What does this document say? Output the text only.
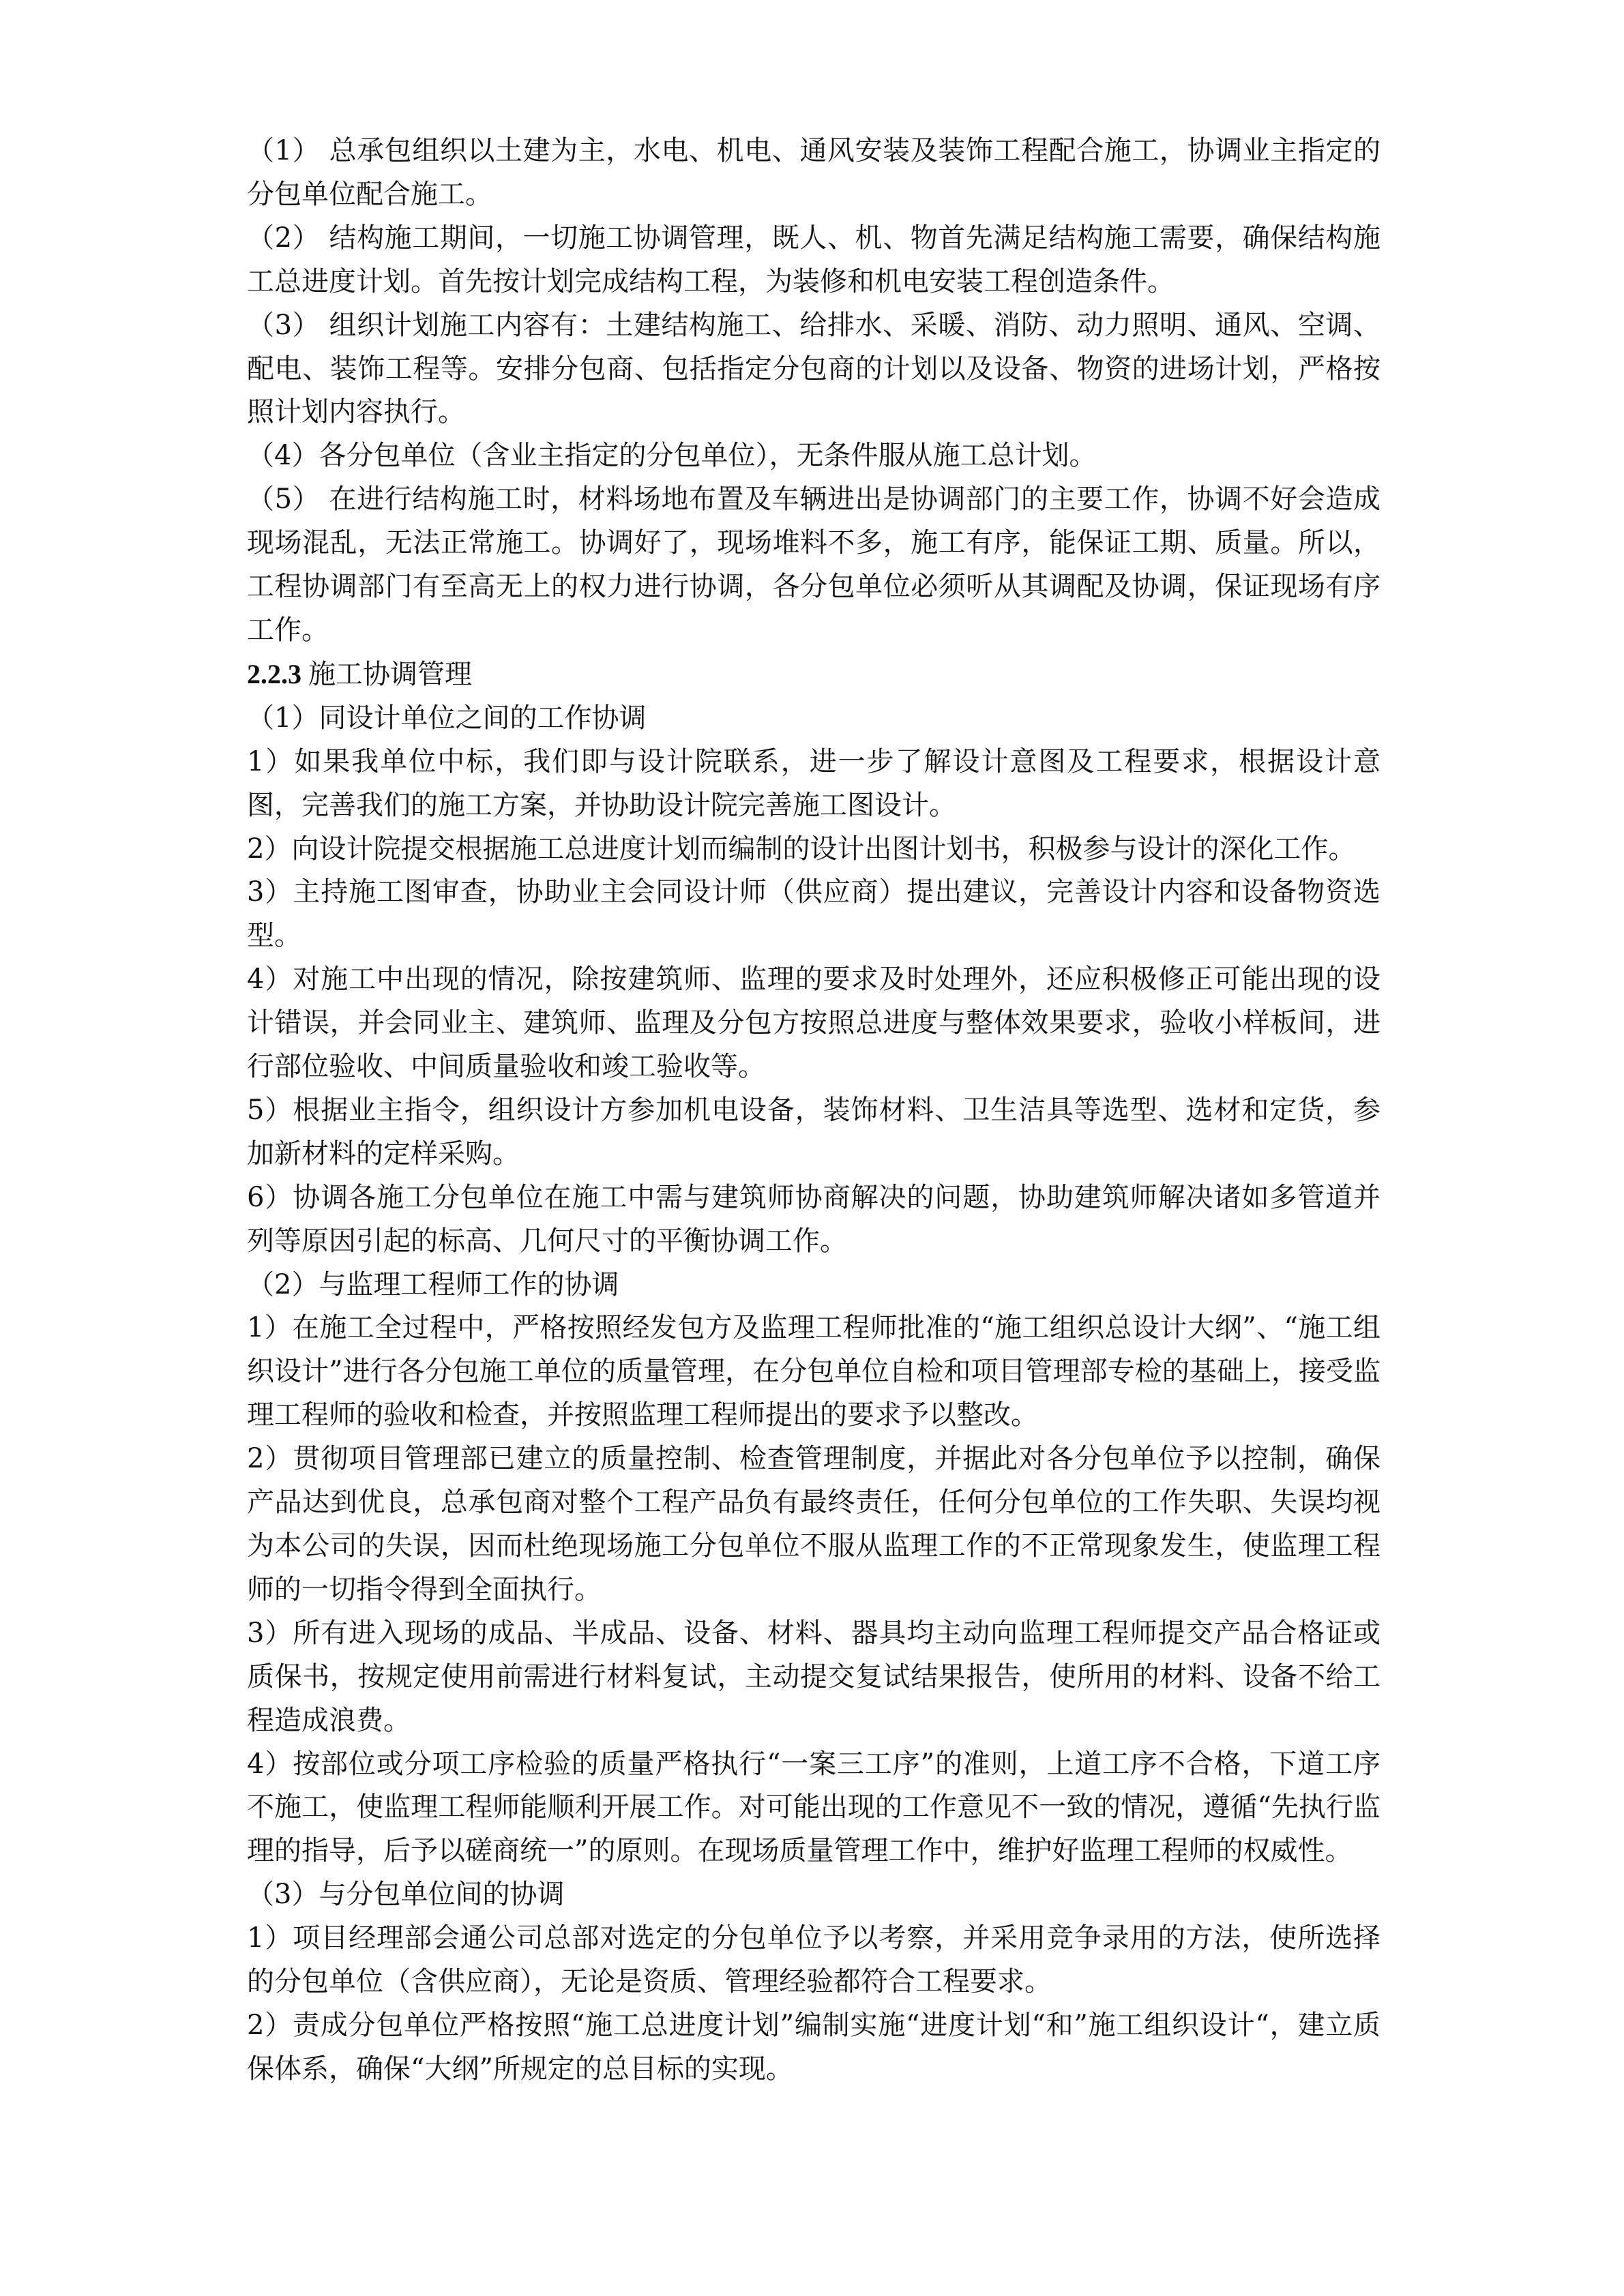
（1） 总承包组织以土建为主，水电、机电、通风安装及装饰工程配合施工，协调业主指定的分包单位配合施工。

（2） 结构施工期间，一切施工协调管理，既人、机、物首先满足结构施工需要，确保结构施工总进度计划。首先按计划完成结构工程，为装修和机电安装工程创造条件。

（3） 组织计划施工内容有：土建结构施工、给排水、采暖、消防、动力照明、通风、空调、配电、装饰工程等。安排分包商、包括指定分包商的计划以及设备、物资的进场计划，严格按照计划内容执行。

（4）各分包单位（含业主指定的分包单位），无条件服从施工总计划。

（5） 在进行结构施工时，材料场地布置及车辆进出是协调部门的主要工作，协调不好会造成现场混乱，无法正常施工。协调好了，现场堆料不多，施工有序，能保证工期、质量。所以，工程协调部门有至高无上的权力进行协调，各分包单位必须听从其调配及协调，保证现场有序工作。

2.2.3 施工协调管理

（1）同设计单位之间的工作协调

1）如果我单位中标，我们即与设计院联系，进一步了解设计意图及工程要求，根据设计意图，完善我们的施工方案，并协助设计院完善施工图设计。

2）向设计院提交根据施工总进度计划而编制的设计出图计划书，积极参与设计的深化工作。

3）主持施工图审查，协助业主会同设计师（供应商）提出建议，完善设计内容和设备物资选型。

4）对施工中出现的情况，除按建筑师、监理的要求及时处理外，还应积极修正可能出现的设计错误，并会同业主、建筑师、监理及分包方按照总进度与整体效果要求，验收小样板间，进行部位验收、中间质量验收和竣工验收等。

5）根据业主指令，组织设计方参加机电设备，装饰材料、卫生洁具等选型、选材和定货，参加新材料的定样采购。

6）协调各施工分包单位在施工中需与建筑师协商解决的问题，协助建筑师解决诸如多管道并列等原因引起的标高、几何尺寸的平衡协调工作。

（2）与监理工程师工作的协调

1）在施工全过程中，严格按照经发包方及监理工程师批准的“施工组织总设计大纲”、“施工组织设计”进行各分包施工单位的质量管理，在分包单位自检和项目管理部专检的基础上，接受监理工程师的验收和检查，并按照监理工程师提出的要求予以整改。

2）贯彻项目管理部已建立的质量控制、检查管理制度，并据此对各分包单位予以控制，确保产品达到优良，总承包商对整个工程产品负有最终责任，任何分包单位的工作失职、失误均视为本公司的失误，因而杜绝现场施工分包单位不服从监理工作的不正常现象发生，使监理工程师的一切指令得到全面执行。

3）所有进入现场的成品、半成品、设备、材料、器具均主动向监理工程师提交产品合格证或质保书，按规定使用前需进行材料复试，主动提交复试结果报告，使所用的材料、设备不给工程造成浪费。

4）按部位或分项工序检验的质量严格执行“一案三工序”的准则，上道工序不合格，下道工序不施工，使监理工程师能顺利开展工作。对可能出现的工作意见不一致的情况，遵循“先执行监理的指导，后予以磋商统一”的原则。在现场质量管理工作中，维护好监理工程师的权威性。

（3）与分包单位间的协调

1）项目经理部会通公司总部对选定的分包单位予以考察，并采用竞争录用的方法，使所选择的分包单位（含供应商），无论是资质、管理经验都符合工程要求。

2）责成分包单位严格按照“施工总进度计划”编制实施“进度计划“和”施工组织设计“，建立质保体系，确保“大纲”所规定的总目标的实现。
